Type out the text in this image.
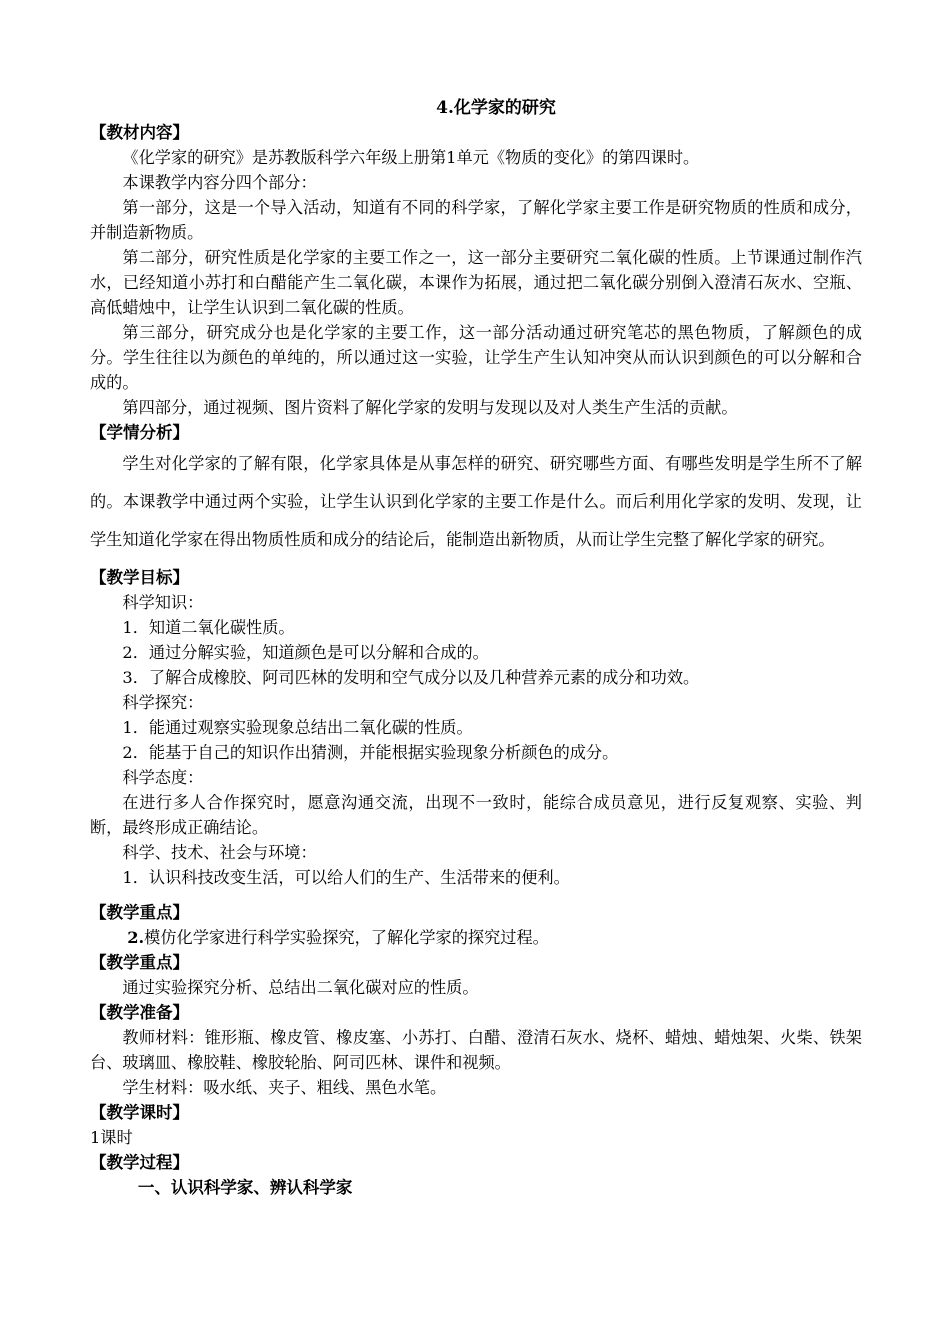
4.化学家的研究
【教材内容】

《化学家的研究》是苏教版科学六年级上册第1单元《物质的变化》的第四课时。

本课教学内容分四个部分：

第一部分，这是一个导入活动，知道有不同的科学家，了解化学家主要工作是研究物质的性质和成分，并制造新物质。

第二部分，研究性质是化学家的主要工作之一，这一部分主要研究二氧化碳的性质。上节课通过制作汽水，已经知道小苏打和白醋能产生二氧化碳，本课作为拓展，通过把二氧化碳分别倒入澄清石灰水、空瓶、高低蜡烛中，让学生认识到二氧化碳的性质。

第三部分，研究成分也是化学家的主要工作，这一部分活动通过研究笔芯的黑色物质，了解颜色的成分。学生往往以为颜色的单纯的，所以通过这一实验，让学生产生认知冲突从而认识到颜色的可以分解和合成的。

第四部分，通过视频、图片资料了解化学家的发明与发现以及对人类生产生活的贡献。

【学情分析】

学生对化学家的了解有限，化学家具体是从事怎样的研究、研究哪些方面、有哪些发明是学生所不了解的。本课教学中通过两个实验，让学生认识到化学家的主要工作是什么。而后利用化学家的发明、发现，让学生知道化学家在得出物质性质和成分的结论后，能制造出新物质，从而让学生完整了解化学家的研究。

【教学目标】

科学知识：

1．知道二氧化碳性质。

2．通过分解实验，知道颜色是可以分解和合成的。

3．了解合成橡胶、阿司匹林的发明和空气成分以及几种营养元素的成分和功效。

科学探究：

1．能通过观察实验现象总结出二氧化碳的性质。

2．能基于自己的知识作出猜测，并能根据实验现象分析颜色的成分。

科学态度：

在进行多人合作探究时，愿意沟通交流，出现不一致时，能综合成员意见，进行反复观察、实验、判断，最终形成正确结论。

科学、技术、社会与环境：

1．认识科技改变生活，可以给人们的生产、生活带来的便利。

【教学重点】

2.模仿化学家进行科学实验探究，了解化学家的探究过程。

【教学重点】

通过实验探究分析、总结出二氧化碳对应的性质。

【教学准备】

教师材料：锥形瓶、橡皮管、橡皮塞、小苏打、白醋、澄清石灰水、烧杯、蜡烛、蜡烛架、火柴、铁架台、玻璃皿、橡胶鞋、橡胶轮胎、阿司匹林、课件和视频。

学生材料：吸水纸、夹子、粗线、黑色水笔。

【教学课时】

1课时

【教学过程】
一、认识科学家、辨认科学家
